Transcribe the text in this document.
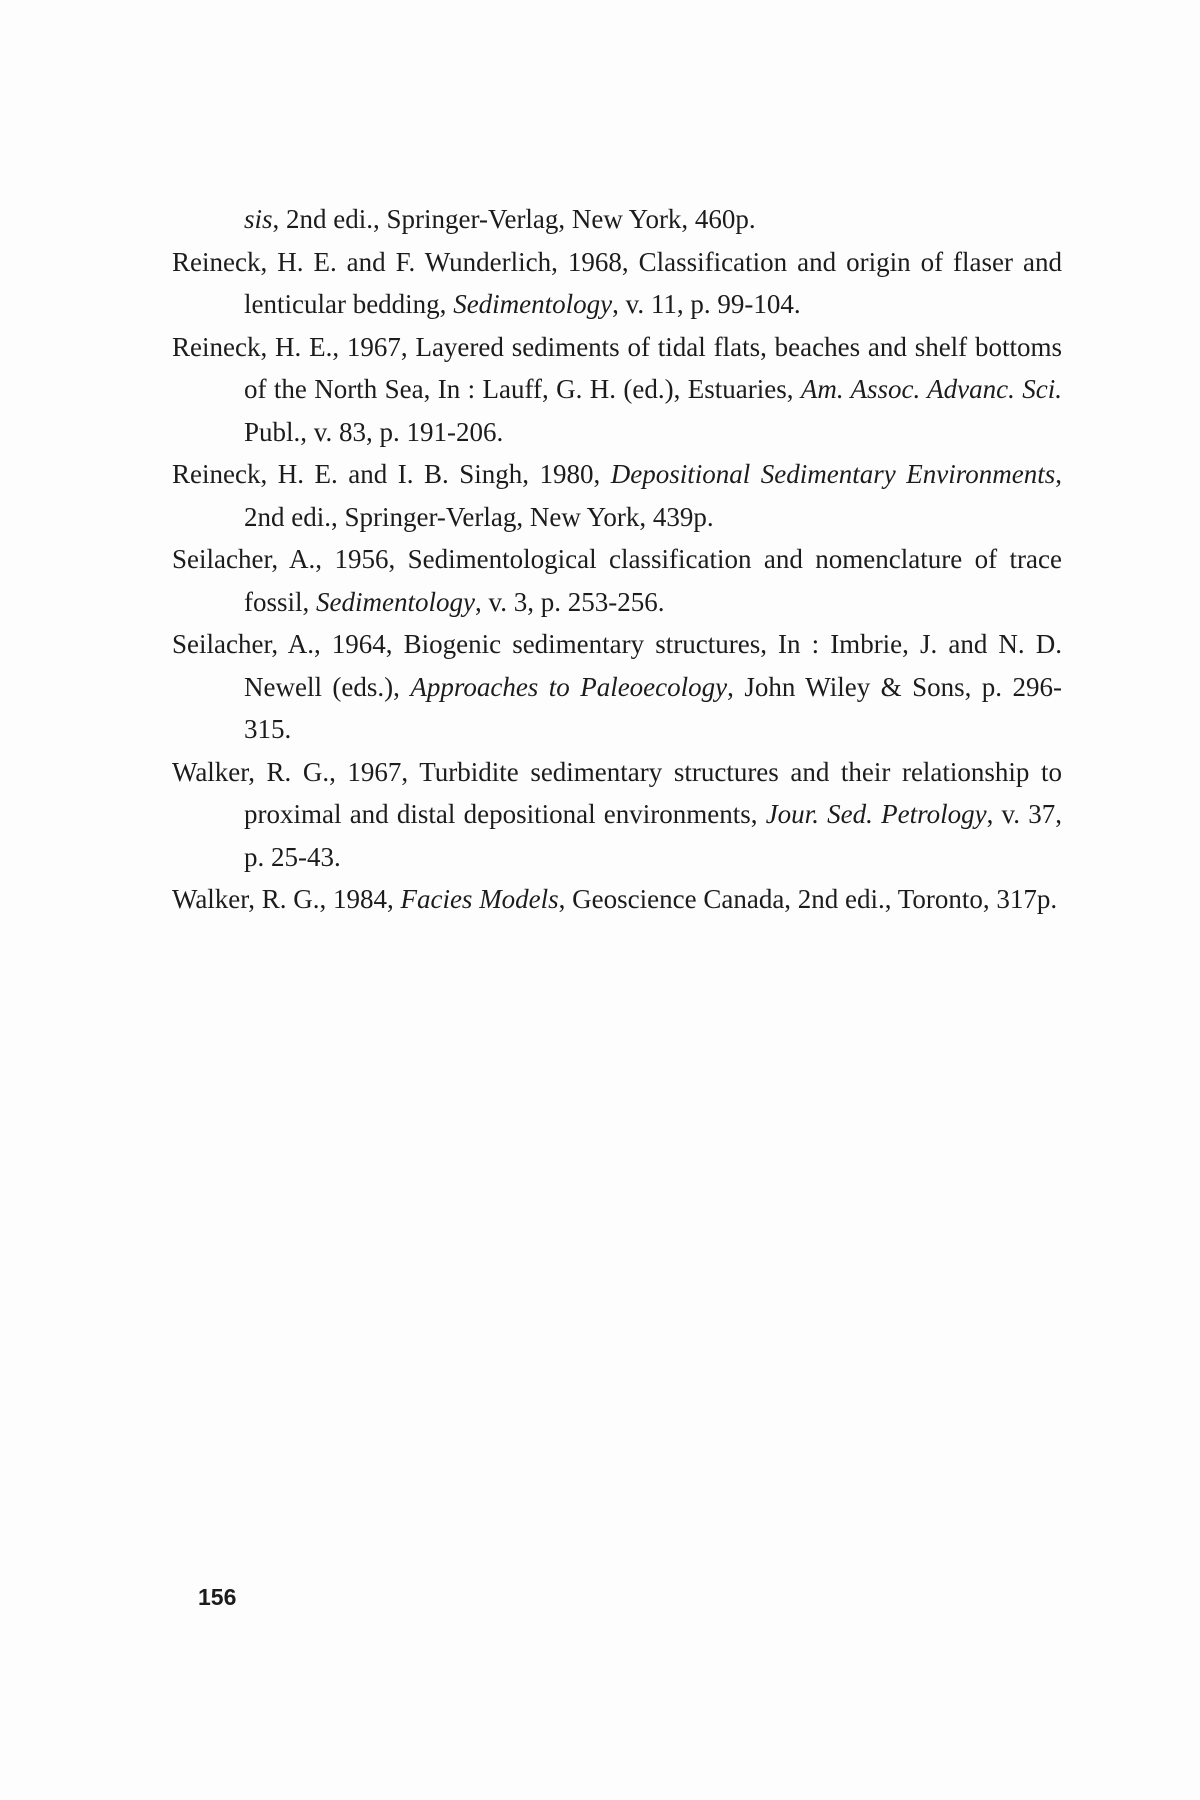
sis, 2nd edi., Springer-Verlag, New York, 460p.

Reineck, H. E. and F. Wunderlich, 1968, Classification and origin of flaser and lenticular bedding, Sedimentology, v. 11, p. 99-104.

Reineck, H. E., 1967, Layered sediments of tidal flats, beaches and shelf bottoms of the North Sea, In : Lauff, G. H. (ed.), Estuaries, Am. Assoc. Advanc. Sci. Publ., v. 83, p. 191-206.

Reineck, H. E. and I. B. Singh, 1980, Depositional Sedimentary Environments, 2nd edi., Springer-Verlag, New York, 439p.

Seilacher, A., 1956, Sedimentological classification and nomenclature of trace fossil, Sedimentology, v. 3, p. 253-256.

Seilacher, A., 1964, Biogenic sedimentary structures, In : Imbrie, J. and N. D. Newell (eds.), Approaches to Paleoecology, John Wiley & Sons, p. 296-315.

Walker, R. G., 1967, Turbidite sedimentary structures and their relationship to proximal and distal depositional environments, Jour. Sed. Petrology, v. 37, p. 25-43.

Walker, R. G., 1984, Facies Models, Geoscience Canada, 2nd edi., Toronto, 317p.

156
